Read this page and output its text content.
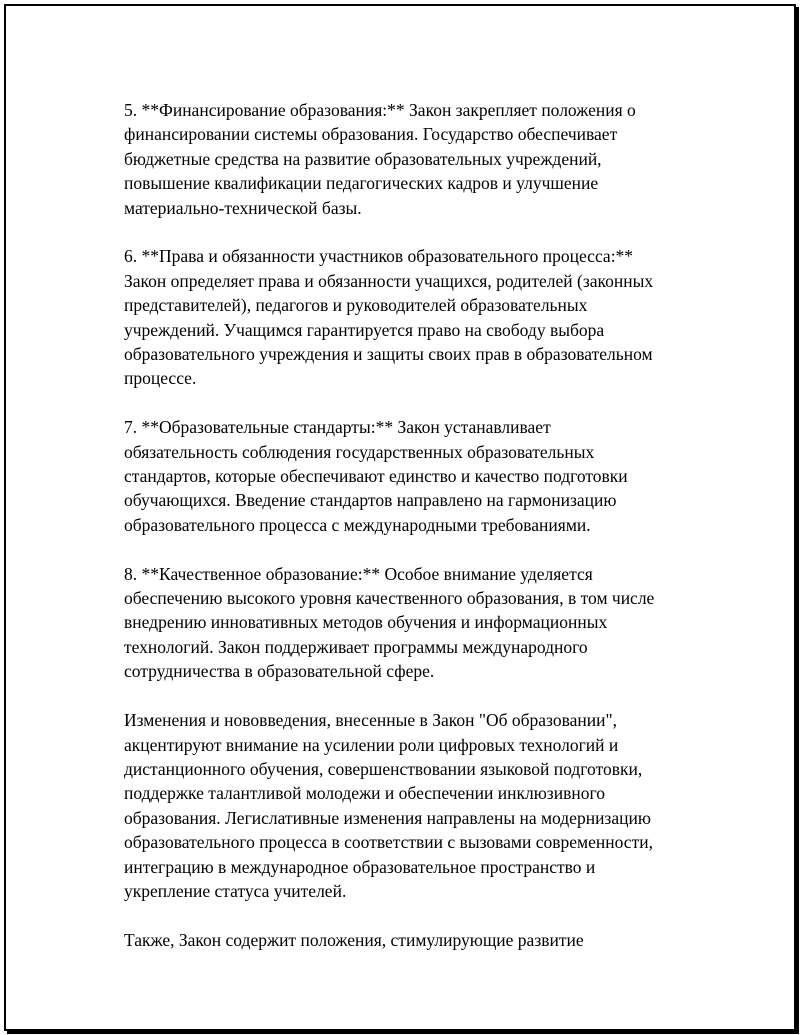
5. **Финансирование образования:** Закон закрепляет положения о
финансировании системы образования. Государство обеспечивает
бюджетные средства на развитие образовательных учреждений,
повышение квалификации педагогических кадров и улучшение
материально-технической базы.

6. **Права и обязанности участников образовательного процесса:**
Закон определяет права и обязанности учащихся, родителей (законных
представителей), педагогов и руководителей образовательных
учреждений. Учащимся гарантируется право на свободу выбора
образовательного учреждения и защиты своих прав в образовательном
процессе.

7. **Образовательные стандарты:** Закон устанавливает
обязательность соблюдения государственных образовательных
стандартов, которые обеспечивают единство и качество подготовки
обучающихся. Введение стандартов направлено на гармонизацию
образовательного процесса с международными требованиями.

8. **Качественное образование:** Особое внимание уделяется
обеспечению высокого уровня качественного образования, в том числе
внедрению инновативных методов обучения и информационных
технологий. Закон поддерживает программы международного
сотрудничества в образовательной сфере.

Изменения и нововведения, внесенные в Закон "Об образовании",
акцентируют внимание на усилении роли цифровых технологий и
дистанционного обучения, совершенствовании языковой подготовки,
поддержке талантливой молодежи и обеспечении инклюзивного
образования. Легислативные изменения направлены на модернизацию
образовательного процесса в соответствии с вызовами современности,
интеграцию в международное образовательное пространство и
укрепление статуса учителей.

Также, Закон содержит положения, стимулирующие развитие
